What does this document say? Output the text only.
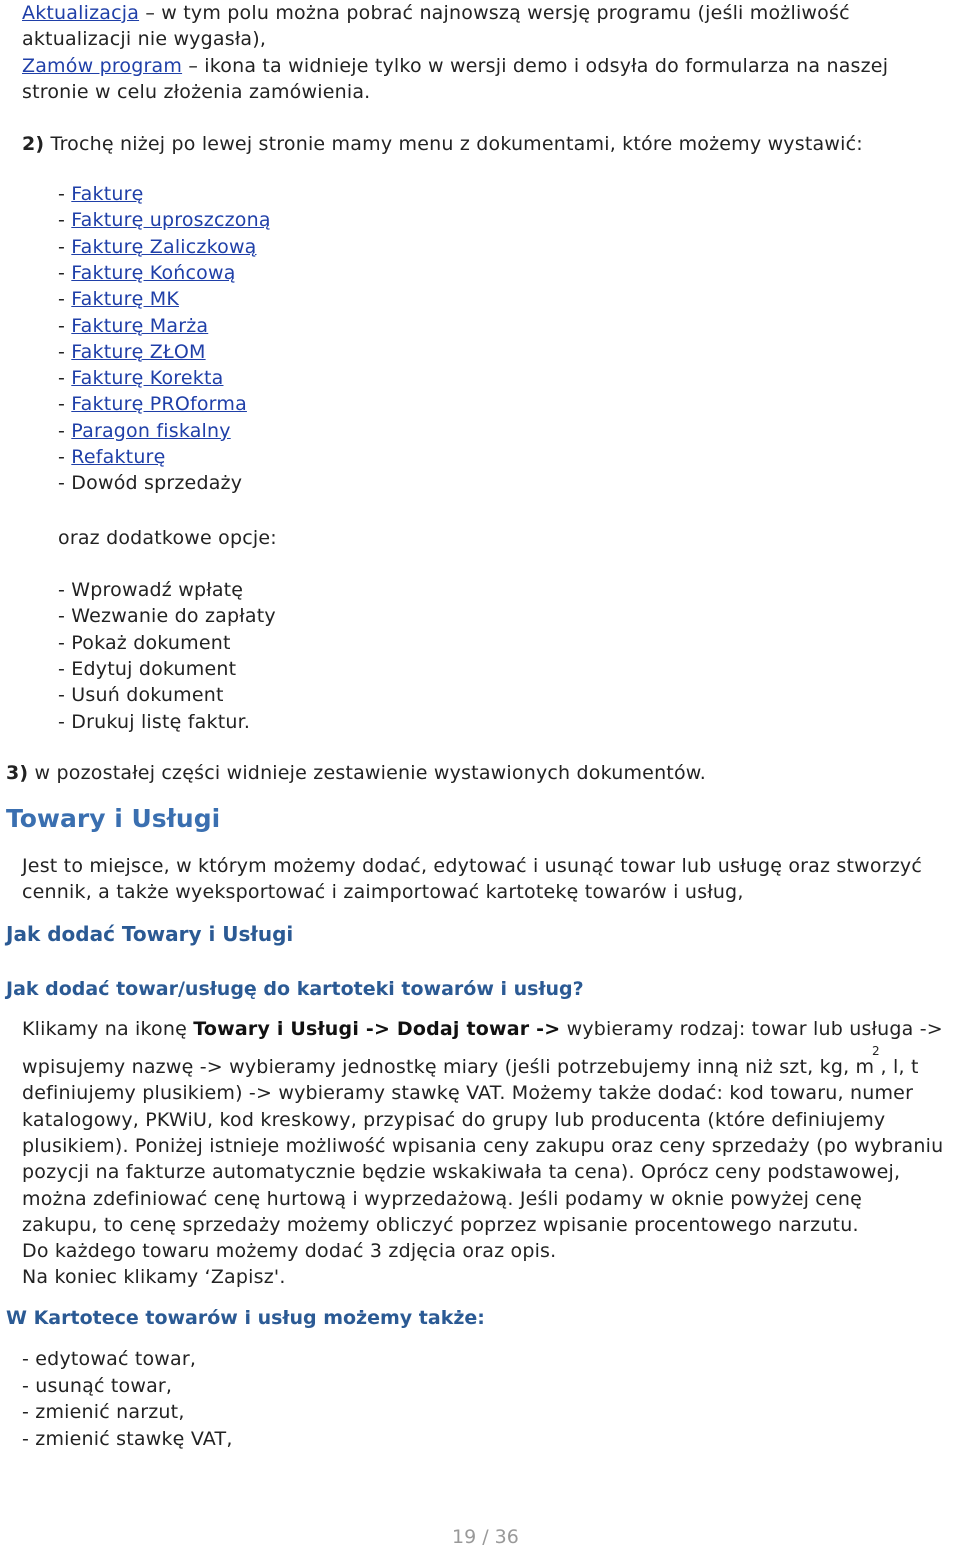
Aktualizacja – w tym polu można pobrać najnowszą wersję programu (jeśli możliwość
aktualizacji nie wygasła),
Zamów program – ikona ta widnieje tylko w wersji demo i odsyła do formularza na naszej
stronie w celu złożenia zamówienia.
2) Trochę niżej po lewej stronie mamy menu z dokumentami, które możemy wystawić:
- Fakturę
- Fakturę uproszczoną
- Fakturę Zaliczkową
- Fakturę Końcową
- Fakturę MK
- Fakturę Marża
- Fakturę ZŁOM
- Fakturę Korekta
- Fakturę PROforma
- Paragon fiskalny
- Refakturę
- Dowód sprzedaży
oraz dodatkowe opcje:
- Wprowadź wpłatę
- Wezwanie do zapłaty
- Pokaż dokument
- Edytuj dokument
- Usuń dokument
- Drukuj listę faktur.
3) w pozostałej części widnieje zestawienie wystawionych dokumentów.
Towary i Usługi
Jest to miejsce, w którym możemy dodać, edytować i usunąć towar lub usługę oraz stworzyć
cennik, a także wyeksportować i zaimportować kartotekę towarów i usług,
Jak dodać Towary i Usługi
Jak dodać towar/usługę do kartoteki towarów i usług?
Klikamy na ikonę Towary i Usługi -> Dodaj towar -> wybieramy rodzaj: towar lub usługa ->
2
wpisujemy nazwę -> wybieramy jednostkę miary (jeśli potrzebujemy inną niż szt, kg, m , l, t
definiujemy plusikiem) -> wybieramy stawkę VAT. Możemy także dodać: kod towaru, numer
katalogowy, PKWiU, kod kreskowy, przypisać do grupy lub producenta (które definiujemy
plusikiem). Poniżej istnieje możliwość wpisania ceny zakupu oraz ceny sprzedaży (po wybraniu
pozycji na fakturze automatycznie będzie wskakiwała ta cena). Oprócz ceny podstawowej,
można zdefiniować cenę hurtową i wyprzedażową. Jeśli podamy w oknie powyżej cenę
zakupu, to cenę sprzedaży możemy obliczyć poprzez wpisanie procentowego narzutu.
Do każdego towaru możemy dodać 3 zdjęcia oraz opis.
Na koniec klikamy ‘Zapisz'.
W Kartotece towarów i usług możemy także:
- edytować towar,
- usunąć towar,
- zmienić narzut,
- zmienić stawkę VAT,
19 / 36
